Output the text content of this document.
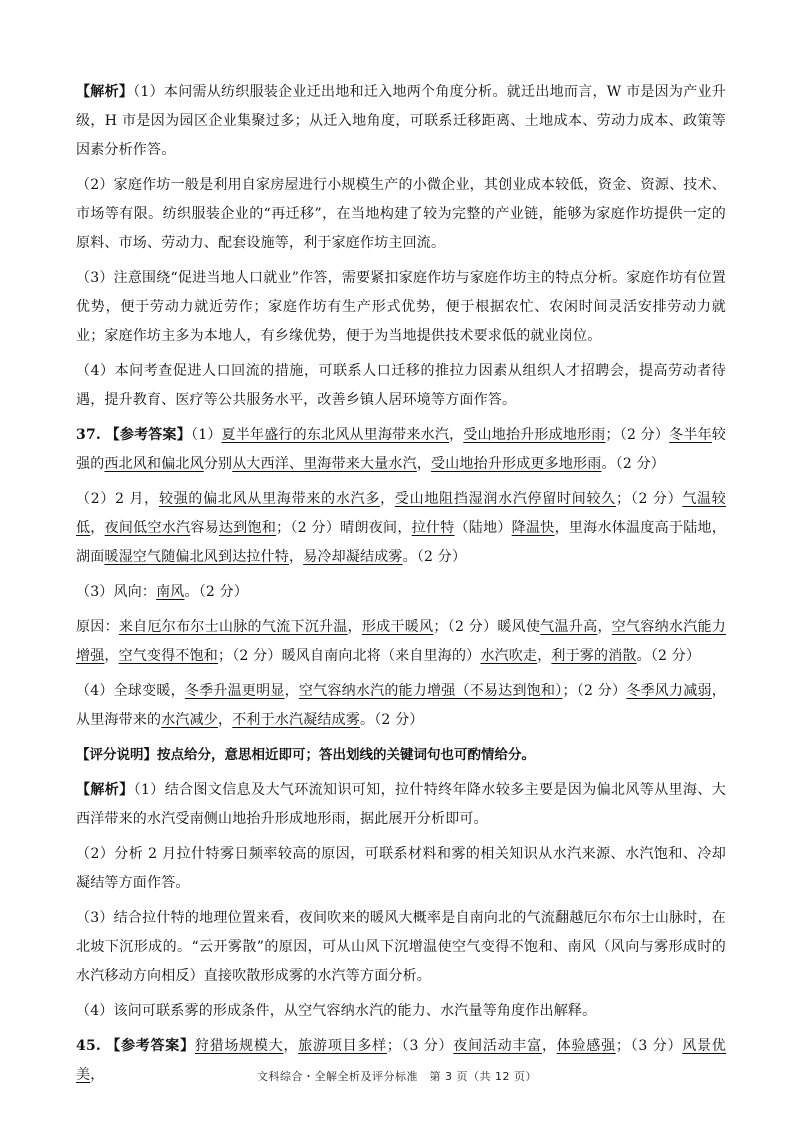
【解析】（1）本问需从纺织服装企业迁出地和迁入地两个角度分析。就迁出地而言，W 市是因为产业升级，H 市是因为园区企业集聚过多；从迁入地角度，可联系迁移距离、土地成本、劳动力成本、政策等因素分析作答。

（2）家庭作坊一般是利用自家房屋进行小规模生产的小微企业，其创业成本较低，资金、资源、技术、市场等有限。纺织服装企业的“再迁移”，在当地构建了较为完整的产业链，能够为家庭作坊提供一定的原料、市场、劳动力、配套设施等，利于家庭作坊主回流。

（3）注意围绕“促进当地人口就业”作答，需要紧扣家庭作坊与家庭作坊主的特点分析。家庭作坊有位置优势，便于劳动力就近劳作；家庭作坊有生产形式优势，便于根据农忙、农闲时间灵活安排劳动力就业；家庭作坊主多为本地人，有乡缘优势，便于为当地提供技术要求低的就业岗位。

（4）本问考查促进人口回流的措施，可联系人口迁移的推拉力因素从组织人才招聘会，提高劳动者待遇，提升教育、医疗等公共服务水平，改善乡镇人居环境等方面作答。

37. 【参考答案】（1）夏半年盛行的东北风从里海带来水汽，受山地抬升形成地形雨；（2 分）冬半年较强的西北风和偏北风分别从大西洋、里海带来大量水汽，受山地抬升形成更多地形雨。（2 分）

（2）2 月，较强的偏北风从里海带来的水汽多，受山地阻挡湿润水汽停留时间较久；（2 分）气温较低，夜间低空水汽容易达到饱和；（2 分）晴朗夜间，拉什特（陆地）降温快，里海水体温度高于陆地，湖面暖湿空气随偏北风到达拉什特，易冷却凝结成雾。（2 分）

（3）风向：南风。（2 分）

原因：来自厄尔布尔士山脉的气流下沉升温，形成干暖风；（2 分）暖风使气温升高，空气容纳水汽能力增强，空气变得不饱和；（2 分）暖风自南向北将（来自里海的）水汽吹走，利于雾的消散。（2 分）

（4）全球变暖，冬季升温更明显，空气容纳水汽的能力增强（不易达到饱和）；（2 分）冬季风力减弱，从里海带来的水汽减少，不利于水汽凝结成雾。（2 分）

【评分说明】按点给分，意思相近即可；答出划线的关键词句也可酌情给分。

【解析】（1）结合图文信息及大气环流知识可知，拉什特终年降水较多主要是因为偏北风等从里海、大西洋带来的水汽受南侧山地抬升形成地形雨，据此展开分析即可。

（2）分析 2 月拉什特雾日频率较高的原因，可联系材料和雾的相关知识从水汽来源、水汽饱和、冷却凝结等方面作答。

（3）结合拉什特的地理位置来看，夜间吹来的暖风大概率是自南向北的气流翻越厄尔布尔士山脉时，在北坡下沉形成的。“云开雾散”的原因，可从山风下沉增温使空气变得不饱和、南风（风向与雾形成时的水汽移动方向相反）直接吹散形成雾的水汽等方面分析。

（4）该问可联系雾的形成条件，从空气容纳水汽的能力、水汽量等角度作出解释。

45. 【参考答案】狩猎场规模大，旅游项目多样；（3 分）夜间活动丰富，体验感强；（3 分）风景优美，	文科综合・全解全析及评分标准　第 3 页（共 12 页）
